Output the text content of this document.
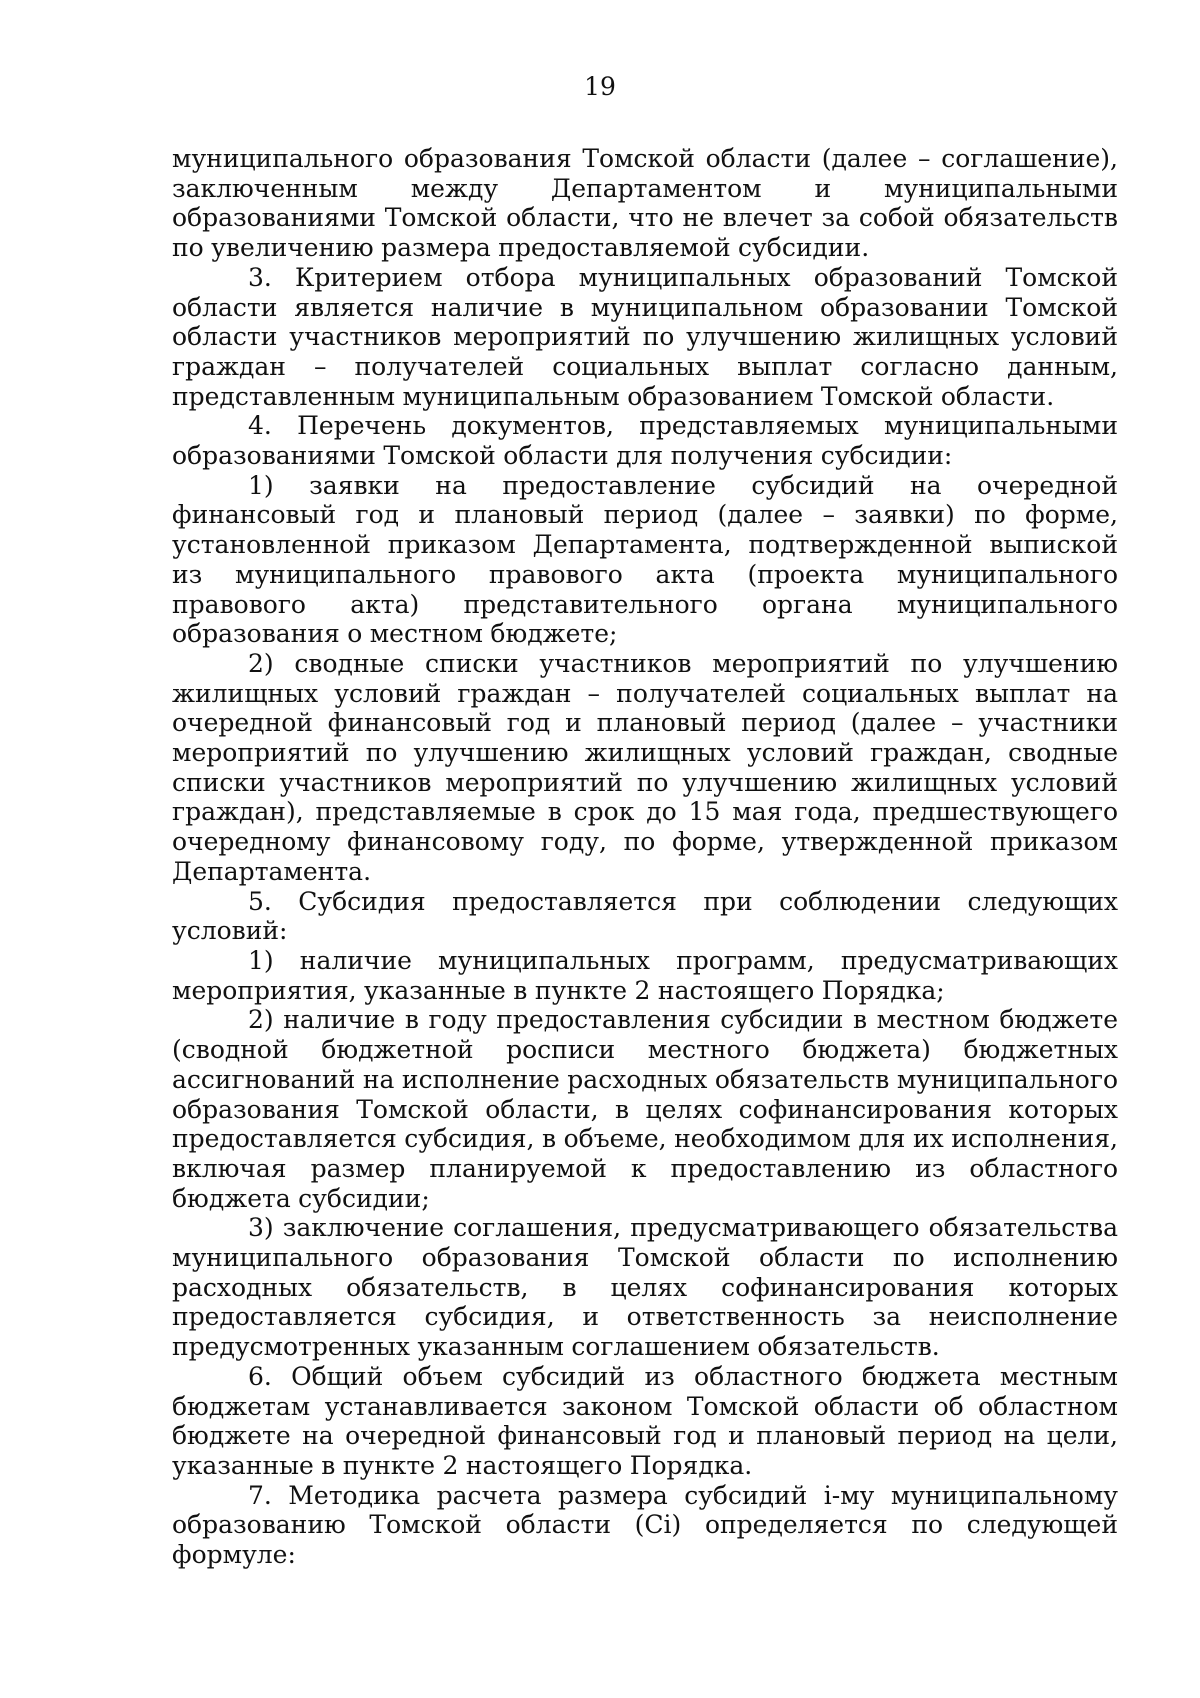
19

муниципального образования Томской области (далее – соглашение), заключенным между Департаментом и муниципальными образованиями Томской области, что не влечет за собой обязательств по увеличению размера предоставляемой субсидии.

3. Критерием отбора муниципальных образований Томской области является наличие в муниципальном образовании Томской области участников мероприятий по улучшению жилищных условий граждан – получателей социальных выплат согласно данным, представленным муниципальным образованием Томской области.

4. Перечень документов, представляемых муниципальными образованиями Томской области для получения субсидии:

1) заявки на предоставление субсидий на очередной финансовый год и плановый период (далее – заявки) по форме, установленной приказом Департамента, подтвержденной выпиской из муниципального правового акта (проекта муниципального правового акта) представительного органа муниципального образования о местном бюджете;

2) сводные списки участников мероприятий по улучшению жилищных условий граждан – получателей социальных выплат на очередной финансовый год и плановый период (далее – участники мероприятий по улучшению жилищных условий граждан, сводные списки участников мероприятий по улучшению жилищных условий граждан), представляемые в срок до 15 мая года, предшествующего очередному финансовому году, по форме, утвержденной приказом Департамента.

5. Субсидия предоставляется при соблюдении следующих условий:

1) наличие муниципальных программ, предусматривающих мероприятия, указанные в пункте 2 настоящего Порядка;

2) наличие в году предоставления субсидии в местном бюджете (сводной бюджетной росписи местного бюджета) бюджетных ассигнований на исполнение расходных обязательств муниципального образования Томской области, в целях софинансирования которых предоставляется субсидия, в объеме, необходимом для их исполнения, включая размер планируемой к предоставлению из областного бюджета субсидии;

3) заключение соглашения, предусматривающего обязательства муниципального образования Томской области по исполнению расходных обязательств, в целях софинансирования которых предоставляется субсидия, и ответственность за неисполнение предусмотренных указанным соглашением обязательств.

6. Общий объем субсидий из областного бюджета местным бюджетам устанавливается законом Томской области об областном бюджете на очередной финансовый год и плановый период на цели, указанные в пункте 2 настоящего Порядка.

7. Методика расчета размера субсидий i-му муниципальному образованию Томской области (Ci) определяется по следующей формуле:
